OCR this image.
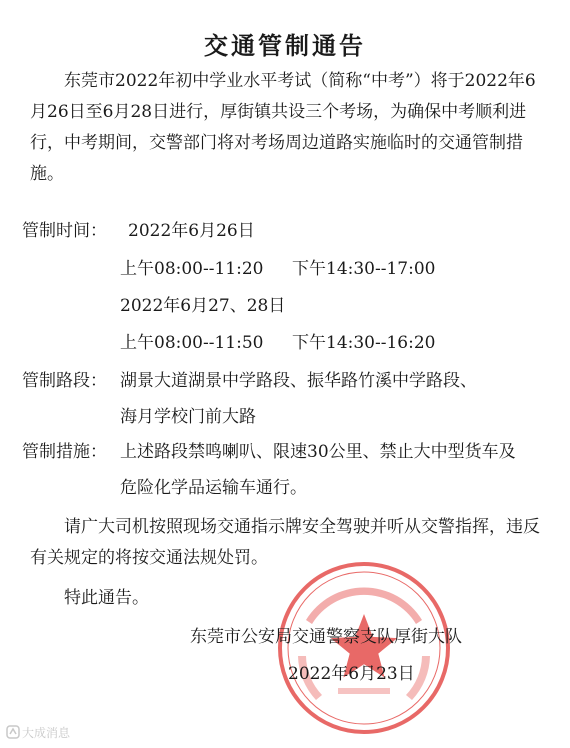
交通管制通告

东莞市2022年初中学业水平考试（简称“中考”）将于2022年6月26日至6月28日进行，厚街镇共设三个考场，为确保中考顺利进行，中考期间，交警部门将对考场周边道路实施临时的交通管制措施。

管制时间： 2022年6月26日
上午08:00--11:20 下午14:30--17:00
2022年6月27、28日
上午08:00--11:50 下午14:30--16:20
管制路段： 湖景大道湖景中学路段、振华路竹溪中学路段、
海月学校门前大路
管制措施： 上述路段禁鸣喇叭、限速30公里、禁止大中型货车及
危险化学品运输车通行。

请广大司机按照现场交通指示牌安全驾驶并听从交警指挥，违反有关规定的将按交通法规处罚。

特此通告。
东莞市公安局交通警察支队厚街大队
2022年6月23日
大成消息
